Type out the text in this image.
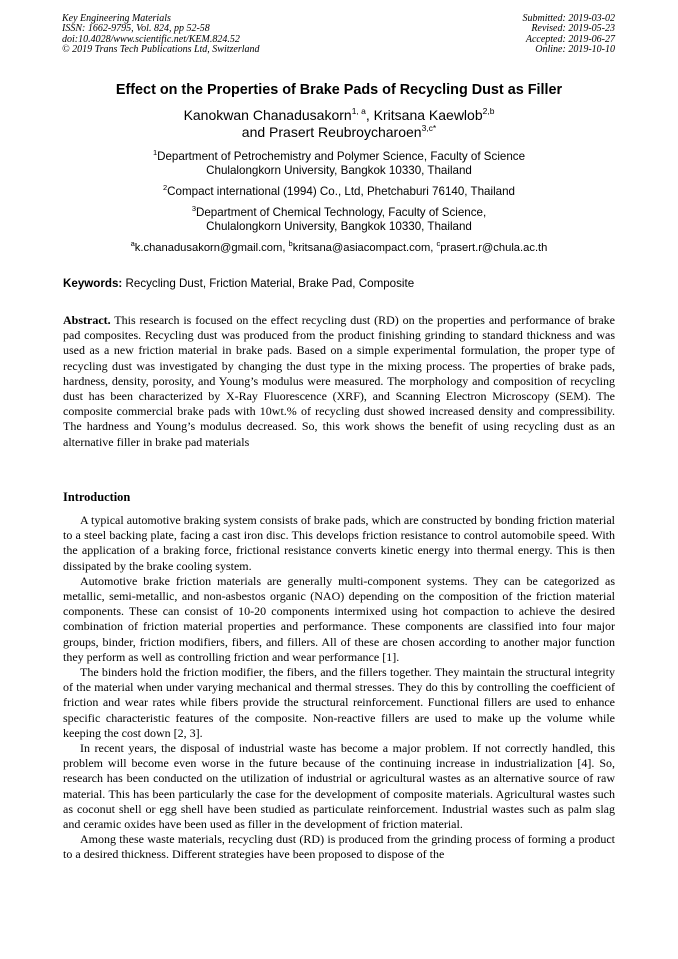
Key Engineering Materials
ISSN: 1662-9795, Vol. 824, pp 52-58
doi:10.4028/www.scientific.net/KEM.824.52
© 2019 Trans Tech Publications Ltd, Switzerland
Submitted: 2019-03-02
Revised: 2019-05-23
Accepted: 2019-06-27
Online: 2019-10-10
Effect on the Properties of Brake Pads of Recycling Dust as Filler
Kanokwan Chanadusakorn$^{1, a}$, Kritsana Kaewlob$^{2,b}$
and Prasert Reubroycharoen$^{3,c*}$
$^1$Department of Petrochemistry and Polymer Science, Faculty of Science
Chulalongkorn University, Bangkok 10330, Thailand
$^2$Compact international (1994) Co., Ltd, Phetchaburi 76140, Thailand
$^3$Department of Chemical Technology, Faculty of Science,
Chulalongkorn University, Bangkok 10330, Thailand
$^a$k.chanadusakorn@gmail.com, $^b$kritsana@asiacompact.com, $^c$prasert.r@chula.ac.th
Keywords: Recycling Dust, Friction Material, Brake Pad, Composite

Abstract. This research is focused on the effect recycling dust (RD) on the properties and performance of brake pad composites. Recycling dust was produced from the product finishing grinding to standard thickness and was used as a new friction material in brake pads. Based on a simple experimental formulation, the proper type of recycling dust was investigated by changing the dust type in the mixing process. The properties of brake pads, hardness, density, porosity, and Young’s modulus were measured. The morphology and composition of recycling dust has been characterized by X-Ray Fluorescence (XRF), and Scanning Electron Microscopy (SEM). The composite commercial brake pads with 10wt.% of recycling dust showed increased density and compressibility. The hardness and Young’s modulus decreased. So, this work shows the benefit of using recycling dust as an alternative filler in brake pad materials

Introduction

A typical automotive braking system consists of brake pads, which are constructed by bonding friction material to a steel backing plate, facing a cast iron disc. This develops friction resistance to control automobile speed. With the application of a braking force, frictional resistance converts kinetic energy into thermal energy. This is then dissipated by the brake cooling system.

Automotive brake friction materials are generally multi-component systems. They can be categorized as metallic, semi-metallic, and non-asbestos organic (NAO) depending on the composition of the friction material components. These can consist of 10-20 components intermixed using hot compaction to achieve the desired combination of friction material properties and performance. These components are classified into four major groups, binder, friction modifiers, fibers, and fillers. All of these are chosen according to another major function they perform as well as controlling friction and wear performance [1].

The binders hold the friction modifier, the fibers, and the fillers together. They maintain the structural integrity of the material when under varying mechanical and thermal stresses. They do this by controlling the coefficient of friction and wear rates while fibers provide the structural reinforcement. Functional fillers are used to enhance specific characteristic features of the composite. Non-reactive fillers are used to make up the volume while keeping the cost down [2, 3].

In recent years, the disposal of industrial waste has become a major problem. If not correctly handled, this problem will become even worse in the future because of the continuing increase in industrialization [4]. So, research has been conducted on the utilization of industrial or agricultural wastes as an alternative source of raw material. This has been particularly the case for the development of composite materials. Agricultural wastes such as coconut shell or egg shell have been studied as particulate reinforcement. Industrial wastes such as palm slag and ceramic oxides have been used as filler in the development of friction material.

Among these waste materials, recycling dust (RD) is produced from the grinding process of forming a product to a desired thickness. Different strategies have been proposed to dispose of the
